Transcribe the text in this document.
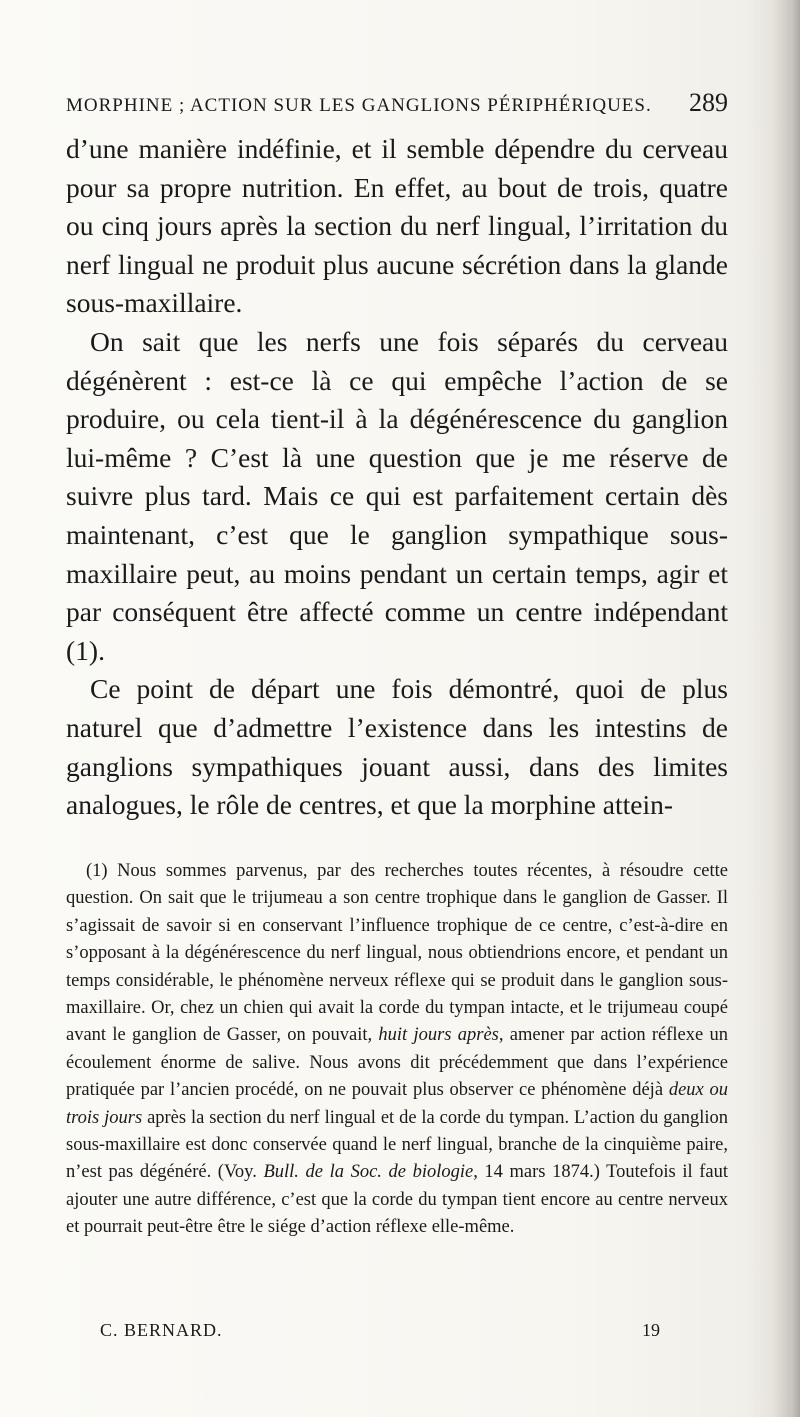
MORPHINE ; ACTION SUR LES GANGLIONS PÉRIPHÉRIQUES. 289

d’une manière indéfinie, et il semble dépendre du cerveau pour sa propre nutrition. En effet, au bout de trois, quatre ou cinq jours après la section du nerf lingual, l’irritation du nerf lingual ne produit plus aucune sécrétion dans la glande sous-maxillaire.

On sait que les nerfs une fois séparés du cerveau dégénèrent : est-ce là ce qui empêche l’action de se produire, ou cela tient-il à la dégénérescence du ganglion lui-même ? C’est là une question que je me réserve de suivre plus tard. Mais ce qui est parfaitement certain dès maintenant, c’est que le ganglion sympathique sous-maxillaire peut, au moins pendant un certain temps, agir et par conséquent être affecté comme un centre indépendant (1).

Ce point de départ une fois démontré, quoi de plus naturel que d’admettre l’existence dans les intestins de ganglions sympathiques jouant aussi, dans des limites analogues, le rôle de centres, et que la morphine attein-

(1) Nous sommes parvenus, par des recherches toutes récentes, à résoudre cette question. On sait que le trijumeau a son centre trophique dans le ganglion de Gasser. Il s’agissait de savoir si en conservant l’influence trophique de ce centre, c’est-à-dire en s’opposant à la dégénérescence du nerf lingual, nous obtiendrions encore, et pendant un temps considérable, le phénomène nerveux réflexe qui se produit dans le ganglion sous-maxillaire. Or, chez un chien qui avait la corde du tympan intacte, et le trijumeau coupé avant le ganglion de Gasser, on pouvait, huit jours après, amener par action réflexe un écoulement énorme de salive. Nous avons dit précédemment que dans l’expérience pratiquée par l’ancien procédé, on ne pouvait plus observer ce phénomène déjà deux ou trois jours après la section du nerf lingual et de la corde du tympan. L’action du ganglion sous-maxillaire est donc conservée quand le nerf lingual, branche de la cinquième paire, n’est pas dégénéré. (Voy. Bull. de la Soc. de biologie, 14 mars 1874.) Toutefois il faut ajouter une autre différence, c’est que la corde du tympan tient encore au centre nerveux et pourrait peut-être être le siége d’action réflexe elle-même.

C. BERNARD.	19
